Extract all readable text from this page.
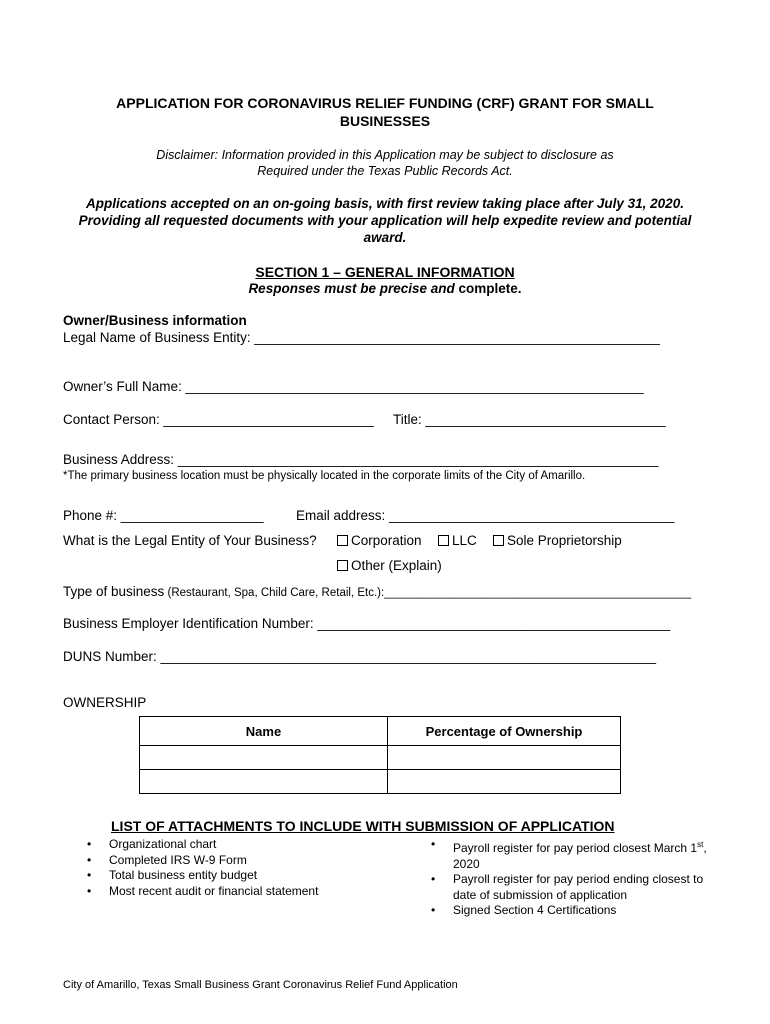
APPLICATION FOR CORONAVIRUS RELIEF FUNDING (CRF) GRANT FOR SMALL
BUSINESSES
Disclaimer: Information provided in this Application may be subject to disclosure as
Required under the Texas Public Records Act.
Applications accepted on an on-going basis, with first review taking place after July 31, 2020.
Providing all requested documents with your application will help expedite review and potential
award.
SECTION 1 – GENERAL INFORMATION
Responses must be precise and complete.
Owner/Business information
Legal Name of Business Entity: ______________________________________________________
Owner’s Full Name: _____________________________________________________________
Contact Person: ____________________________ Title: ________________________________
Business Address: ________________________________________________________________
*The primary business location must be physically located in the corporate limits of the City of Amarillo.
Phone #: ___________________ Email address: ______________________________________
What is the Legal Entity of Your Business?	Corporation	LLC	Sole Proprietorship
Other (Explain)
Type of business (Restaurant, Spa, Child Care, Retail, Etc.):________________________________________________
Business Employer Identification Number: _______________________________________________
DUNS Number: __________________________________________________________________
OWNERSHIP
Name	Percentage of Ownership

LIST OF ATTACHMENTS TO INCLUDE WITH SUBMISSION OF APPLICATION
• Organizational chart
• Completed IRS W-9 Form
• Total business entity budget
• Most recent audit or financial statement
• Payroll register for pay period closest March 1st, 2020
• Payroll register for pay period ending closest to date of submission of application
• Signed Section 4 Certifications
City of Amarillo, Texas Small Business Grant Coronavirus Relief Fund Application
